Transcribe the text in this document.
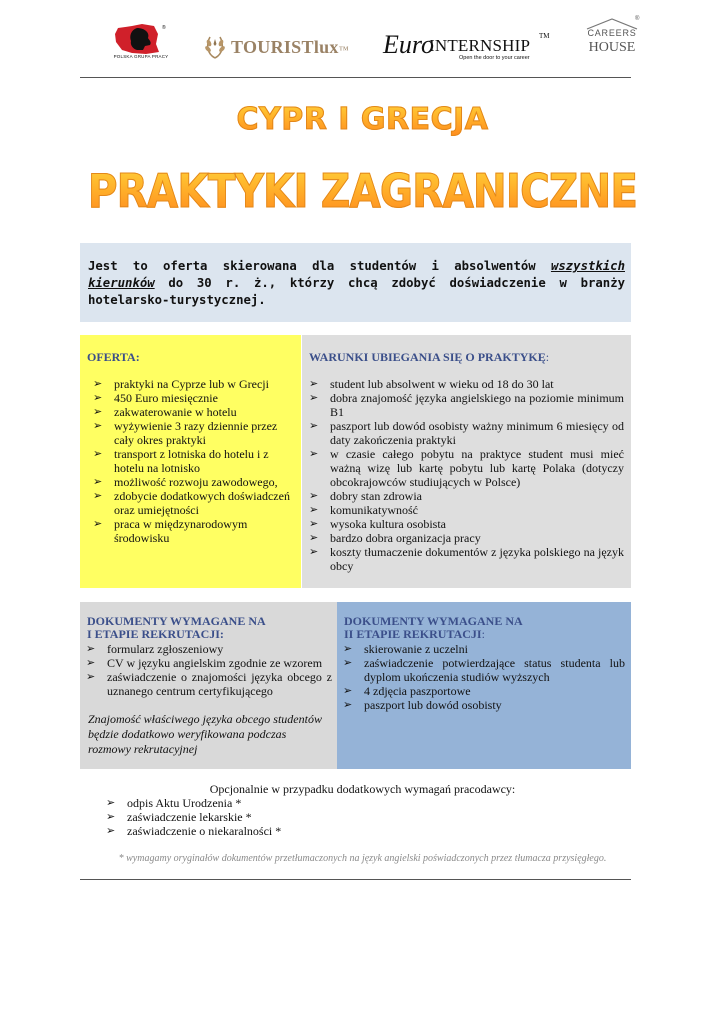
®
POLSKA GRUPA PRACY	TOURISTlux™ Euro
INTERNSHIP TM
Open the door to your career
®
CAREERS
HOUSE
CYPR I GRECJA
PRAKTYKI ZAGRANICZNE

Jest to oferta skierowana dla studentów i absolwentów wszystkich kierunków do 30 r. ż., którzy chcą zdobyć doświadczenie w branży hotelarsko-turystycznej.

OFERTA:
➢ praktyki na Cyprze lub w Grecji
➢ 450 Euro miesięcznie
➢ zakwaterowanie w hotelu
➢ wyżywienie 3 razy dziennie przez cały okres praktyki
➢ transport z lotniska do hotelu i z hotelu na lotnisko
➢ możliwość rozwoju zawodowego,
➢ zdobycie dodatkowych doświadczeń oraz umiejętności
➢ praca w międzynarodowym środowisku
WARUNKI UBIEGANIA SIĘ O PRAKTYKĘ:
➢ student lub absolwent w wieku od 18 do 30 lat
➢ dobra znajomość języka angielskiego na poziomie minimum B1
➢ paszport lub dowód osobisty ważny minimum 6 miesięcy od daty zakończenia praktyki
➢ w czasie całego pobytu na praktyce student musi mieć ważną wizę lub kartę pobytu lub kartę Polaka (dotyczy obcokrajowców studiujących w Polsce)
➢ dobry stan zdrowia
➢ komunikatywność
➢ wysoka kultura osobista
➢ bardzo dobra organizacja pracy
➢ koszty tłumaczenie dokumentów z języka polskiego na język obcy
DOKUMENTY WYMAGANE NA
I ETAPIE REKRUTACJI:
➢ formularz zgłoszeniowy
➢ CV w języku angielskim zgodnie ze wzorem
➢ zaświadczenie o znajomości języka obcego z uznanego centrum certyfikującego
Znajomość właściwego języka obcego studentów będzie dodatkowo weryfikowana podczas rozmowy rekrutacyjnej
DOKUMENTY WYMAGANE NA
II ETAPIE REKRUTACJI:
➢ skierowanie z uczelni
➢ zaświadczenie potwierdzające status studenta lub dyplom ukończenia studiów wyższych
➢ 4 zdjęcia paszportowe
➢ paszport lub dowód osobisty
Opcjonalnie w przypadku dodatkowych wymagań pracodawcy:
➢ odpis Aktu Urodzenia *
➢ zaświadczenie lekarskie *
➢ zaświadczenie o niekaralności *
* wymagamy oryginałów dokumentów przetłumaczonych na język angielski poświadczonych przez tłumacza przysięgłego.
